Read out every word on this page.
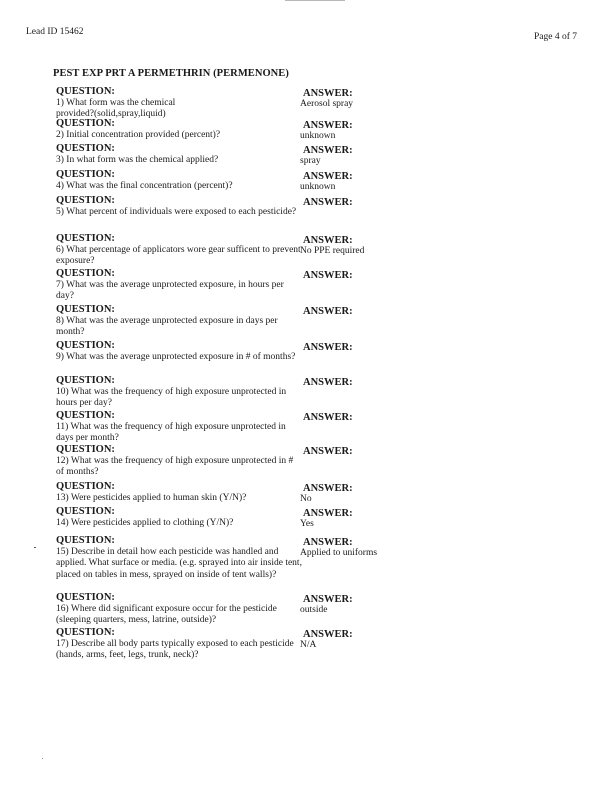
Lead ID 15462	Page 4 of 7
PEST EXP PRT A PERMETHRIN (PERMENONE)
QUESTION:	ANSWER:
1) What form was the chemical provided?(solid,spray,liquid)
Aerosol spray
QUESTION:	ANSWER:
2) Initial concentration provided (percent)?	unknown
QUESTION:	ANSWER:
3) In what form was the chemical applied?	spray
QUESTION:	ANSWER:
4) What was the final concentration (percent)?	unknown
QUESTION:	ANSWER:
5) What percent of individuals were exposed to each pesticide?
QUESTION:	ANSWER:
6) What percentage of applicators wore gear sufficent to prevent exposure?
No PPE required
QUESTION:	ANSWER:
7) What was the average unprotected exposure, in hours per day?
QUESTION:	ANSWER:
8) What was the average unprotected exposure in days per month?
QUESTION:	ANSWER:
9) What was the average unprotected exposure in # of months?
QUESTION:	ANSWER:
10) What was the frequency of high exposure unprotected in hours per day?
QUESTION:	ANSWER:
11) What was the frequency of high exposure unprotected in days per month?
QUESTION:	ANSWER:
12) What was the frequency of high exposure unprotected in # of months?
QUESTION:	ANSWER:
13) Were pesticides applied to human skin (Y/N)?	No
QUESTION:	ANSWER:
14) Were pesticides applied to clothing (Y/N)?	Yes
QUESTION:	ANSWER:
15) Describe in detail how each pesticide was handled and applied. What surface or media. (e.g. sprayed into air inside tent, placed on tables in mess, sprayed on inside of tent walls)?
Applied to uniforms
QUESTION:	ANSWER:
16) Where did significant exposure occur for the pesticide (sleeping quarters, mess, latrine, outside)?
outside
QUESTION:	ANSWER:
17) Describe all body parts typically exposed to each pesticide (hands, arms, feet, legs, trunk, neck)?
N/A
